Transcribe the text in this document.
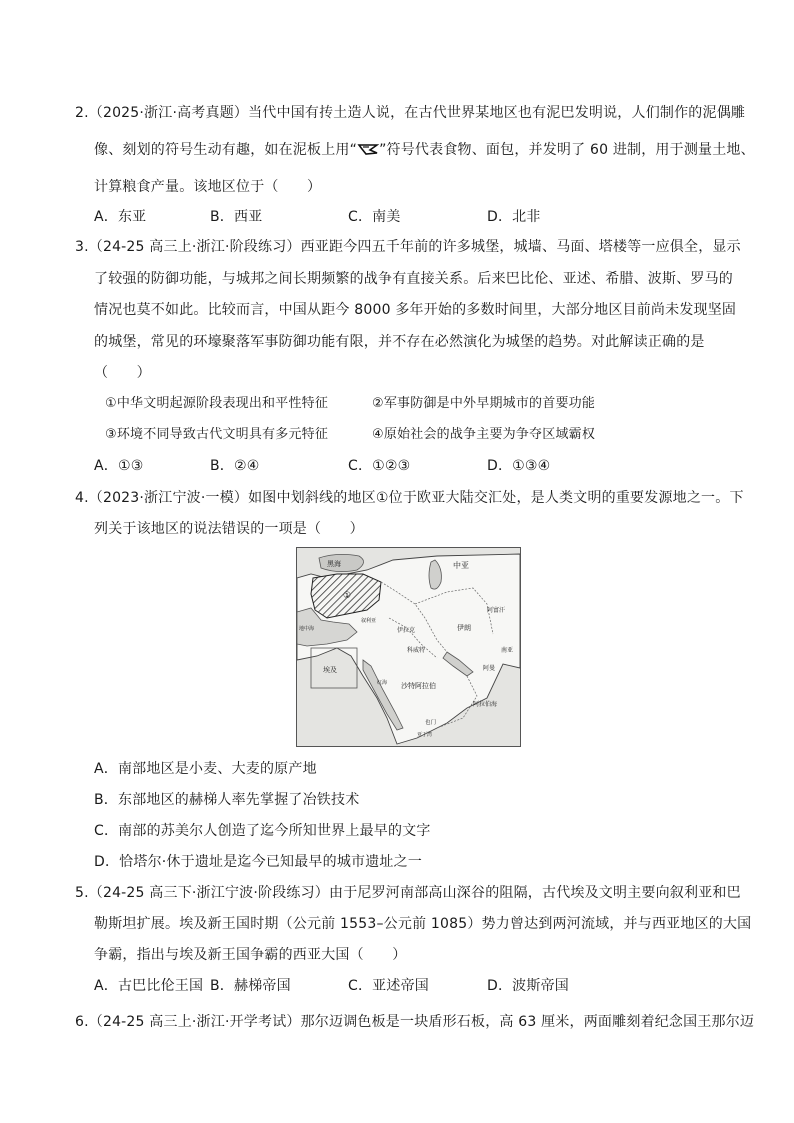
2.（2025·浙江·高考真题）当代中国有抟土造人说，在古代世界某地区也有泥巴发明说，人们制作的泥偶雕
像、刻划的符号生动有趣，如在泥板上用“ ”符号代表食物、面包，并发明了 60 进制，用于测量土地、
计算粮食产量。该地区位于（　　）
A．东亚	B．西亚	C．南美	D．北非
3.（24-25 高三上·浙江·阶段练习）西亚距今四五千年前的许多城堡，城墙、马面、塔楼等一应俱全，显示
了较强的防御功能，与城邦之间长期频繁的战争有直接关系。后来巴比伦、亚述、希腊、波斯、罗马的
情况也莫不如此。比较而言，中国从距今 8000 多年开始的多数时间里，大部分地区目前尚未发现坚固
的城堡，常见的环壕聚落军事防御功能有限，并不存在必然演化为城堡的趋势。对此解读正确的是
（　　）
①中华文明起源阶段表现出和平性特征	②军事防御是中外早期城市的首要功能
③环境不同导致古代文明具有多元特征	④原始社会的战争主要为争夺区域霸权
A．①③	B．②④	C．①②③	D．①③④
4.（2023·浙江宁波·一模）如图中划斜线的地区①位于欧亚大陆交汇处，是人类文明的重要发源地之一。下
列关于该地区的说法错误的一项是（　　）
黑海	中亚
①
阿富汗
地中海
叙利亚
伊拉克	伊朗
南亚
埃及
科威特
阿曼
沙特阿拉伯
阿拉伯海
也门
红海
亚丁湾
A．南部地区是小麦、大麦的原产地
B．东部地区的赫梯人率先掌握了冶铁技术
C．南部的苏美尔人创造了迄今所知世界上最早的文字
D．恰塔尔·休于遗址是迄今已知最早的城市遗址之一
5.（24-25 高三下·浙江宁波·阶段练习）由于尼罗河南部高山深谷的阻隔，古代埃及文明主要向叙利亚和巴
勒斯坦扩展。埃及新王国时期（公元前 1553–公元前 1085）势力曾达到两河流域，并与西亚地区的大国
争霸，指出与埃及新王国争霸的西亚大国（　　）
A．古巴比伦王国 B．赫梯帝国	C．亚述帝国	D．波斯帝国
6.（24-25 高三上·浙江·开学考试）那尔迈调色板是一块盾形石板，高 63 厘米，两面雕刻着纪念国王那尔迈
